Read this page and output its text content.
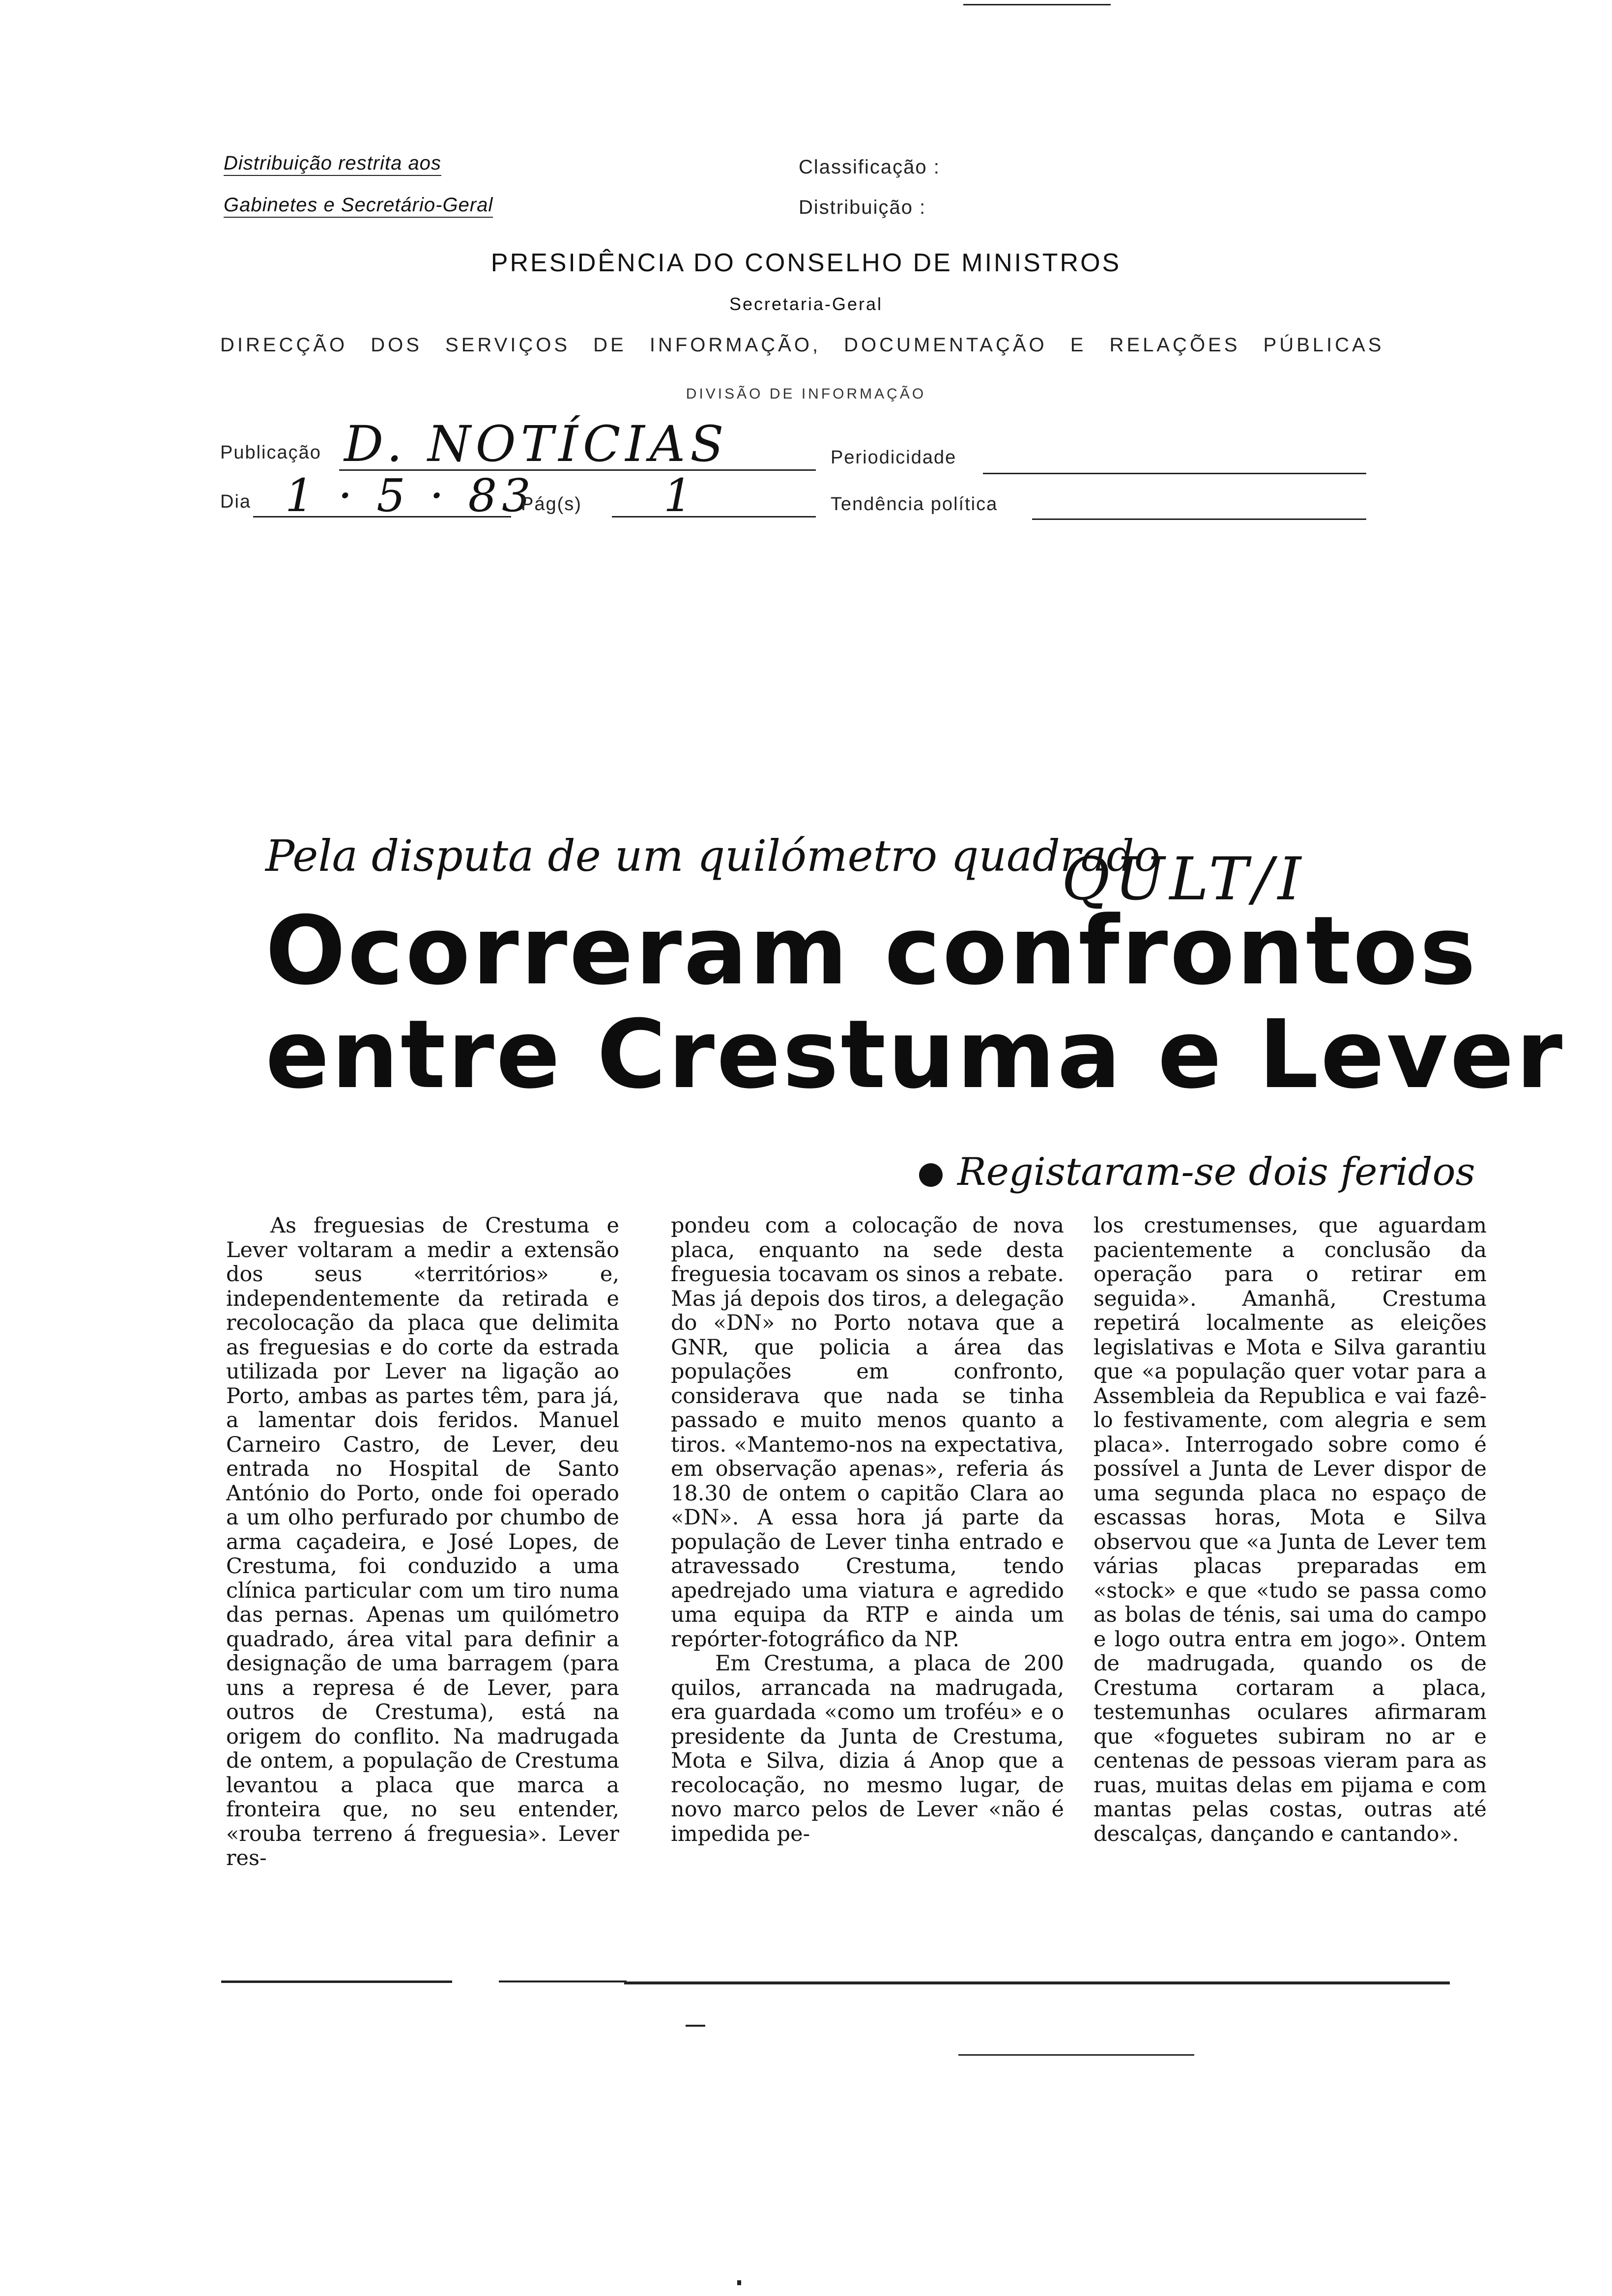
Distribuição restrita aos
Gabinetes e Secretário-Geral
Classificação :
Distribuição :
PRESIDÊNCIA DO CONSELHO DE MINISTROS
Secretaria-Geral
DIRECÇÃO DOS SERVIÇOS DE INFORMAÇÃO, DOCUMENTAÇÃO E RELAÇÕES PÚBLICAS
DIVISÃO DE INFORMAÇÃO
Publicação D. NOTÍCIAS	Periodicidade
Dia 1 · 5 · 83
Pág(s) 1	Tendência política
Pela disputa de um quilómetro quadrado
QULT/I
Ocorreram confrontos
entre Crestuma e Lever
Registaram-se dois feridos

As freguesias de Crestuma e Lever voltaram a medir a extensão dos seus «territórios» e, independentemente da retirada e recolocação da placa que delimita as freguesias e do corte da estrada utilizada por Lever na ligação ao Porto, ambas as partes têm, para já, a lamentar dois feridos. Manuel Carneiro Castro, de Lever, deu entrada no Hospital de Santo António do Porto, onde foi operado a um olho perfurado por chumbo de arma caçadeira, e José Lopes, de Crestuma, foi conduzido a uma clínica particular com um tiro numa das pernas. Apenas um quilómetro quadrado, área vital para definir a designação de uma barragem (para uns a represa é de Lever, para outros de Crestuma), está na origem do conflito. Na madrugada de ontem, a população de Crestuma levantou a placa que marca a fronteira que, no seu entender, «rouba terreno á freguesia». Lever res-

pondeu com a colocação de nova placa, enquanto na sede desta freguesia tocavam os sinos a rebate. Mas já depois dos tiros, a delegação do «DN» no Porto notava que a GNR, que policia a área das populações em confronto, considerava que nada se tinha passado e muito menos quanto a tiros. «Mantemo-nos na expectativa, em observação apenas», referia ás 18.30 de ontem o capitão Clara ao «DN». A essa hora já parte da população de Lever tinha entrado e atravessado Crestuma, tendo apedrejado uma viatura e agredido uma equipa da RTP e ainda um repórter-fotográfico da NP.

Em Crestuma, a placa de 200 quilos, arrancada na madrugada, era guardada «como um troféu» e o presidente da Junta de Crestuma, Mota e Silva, dizia á Anop que a recolocação, no mesmo lugar, de novo marco pelos de Lever «não é impedida pe-

los crestumenses, que aguardam pacientemente a conclusão da operação para o retirar em seguida». Amanhã, Crestuma repetirá localmente as eleições legislativas e Mota e Silva garantiu que «a população quer votar para a Assembleia da Republica e vai fazê-lo festivamente, com alegria e sem placa». Interrogado sobre como é possível a Junta de Lever dispor de uma segunda placa no espaço de escassas horas, Mota e Silva observou que «a Junta de Lever tem várias placas preparadas em «stock» e que «tudo se passa como as bolas de ténis, sai uma do campo e logo outra entra em jogo». Ontem de madrugada, quando os de Crestuma cortaram a placa, testemunhas oculares afirmaram que «foguetes subiram no ar e centenas de pessoas vieram para as ruas, muitas delas em pijama e com mantas pelas costas, outras até descalças, dançando e cantando».
